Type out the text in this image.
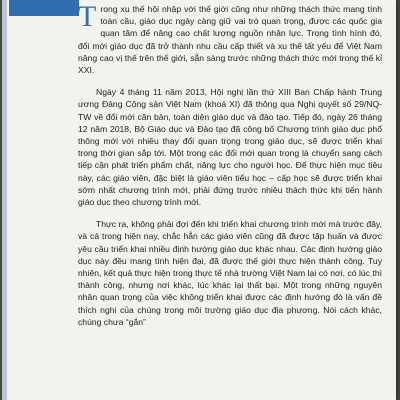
Trong xu thế hội nhập với thế giới cũng như những thách thức mang tính toàn cầu, giáo dục ngày càng giữ vai trò quan trọng, được các quốc gia quan tâm để nâng cao chất lượng nguồn nhân lực. Trong tình hình đó, đổi mới giáo dục đã trở thành nhu cầu cấp thiết và xu thế tất yếu để Việt Nam nâng cao vị thế trên thế giới, sẵn sàng trước những thách thức mới trong thế kỉ XXI.

Ngày 4 tháng 11 năm 2013, Hội nghị lần thứ XIII Ban Chấp hành Trung ương Đảng Cộng sản Việt Nam (khoá XI) đã thông qua Nghị quyết số 29/NQ-TW về đổi mới căn bản, toàn diện giáo dục và đào tạo. Tiếp đó, ngày 26 tháng 12 năm 2018, Bộ Giáo dục và Đào tạo đã công bố Chương trình giáo dục phổ thông mới với nhiều thay đổi quan trọng trong giáo dục, sẽ được triển khai trong thời gian sắp tới. Một trong các đổi mới quan trọng là chuyển sang cách tiếp cận phát triển phẩm chất, năng lực cho người học. Để thực hiện mục tiêu này, các giáo viên, đặc biệt là giáo viên tiểu học – cấp học sẽ được triển khai sớm nhất chương trình mới, phải đứng trước nhiều thách thức khi tiến hành giáo dục theo chương trình mới.

Thực ra, không phải đợi đến khi triển khai chương trình mới mà trước đây, và cả trong hiện nay, chắc hẳn các giáo viên cũng đã được tập huấn và được yêu cầu triển khai nhiều định hướng giáo dục khác nhau. Các định hướng giáo dục này đều mang tính hiện đại, đã được thế giới thực hiện thành công. Tuy nhiên, kết quả thực hiện trong thực tế nhà trường Việt Nam lại có nơi, có lúc thì thành công, nhưng nơi khác, lúc khác lại thất bại. Một trong những nguyên nhân quan trọng của việc không triển khai được các định hướng đó là vấn đề thích nghi của chúng trong môi trường giáo dục địa phương. Nói cách khác, chúng chưa “gắn”
